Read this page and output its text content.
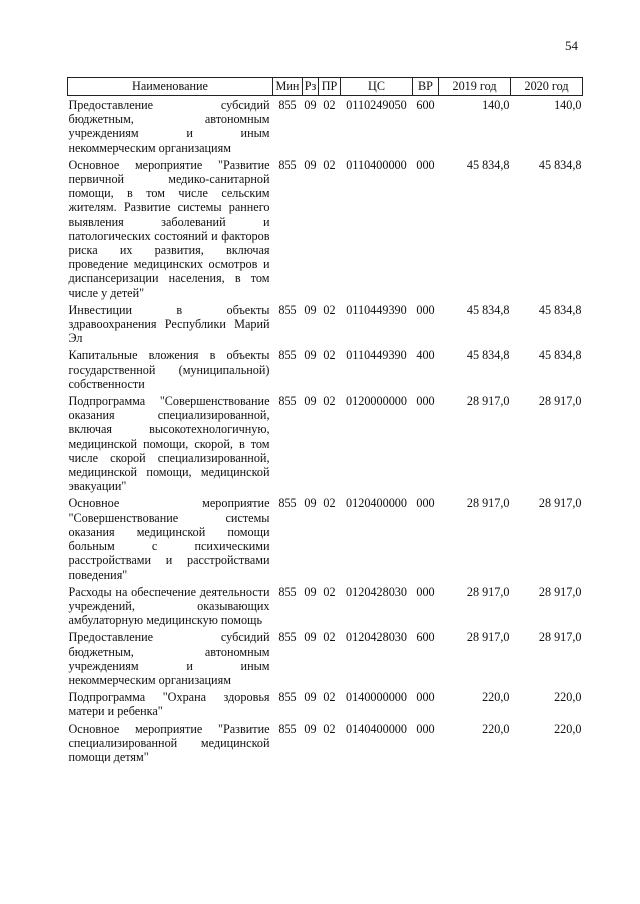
54
Наименование	Мин	Рз	ПР	ЦС	ВР	2019 год	2020 год
Предоставление субсидий бюджетным, автономным учреждениям и иным некоммерческим организациям	855	09	02	0110249050	600	140,0	140,0
Основное мероприятие "Развитие первичной медико-санитарной помощи, в том числе сельским жителям. Развитие системы раннего выявления заболеваний и патологических состояний и факторов риска их развития, включая проведение медицинских осмотров и диспансеризации населения, в том числе у детей"	855	09	02	0110400000	000	45 834,8	45 834,8
Инвестиции в объекты здравоохранения Республики Марий Эл	855	09	02	0110449390	000	45 834,8	45 834,8
Капитальные вложения в объекты государственной (муниципальной) собственности	855	09	02	0110449390	400	45 834,8	45 834,8
Подпрограмма "Совершенствование оказания специализированной, включая высокотехнологичную, медицинской помощи, скорой, в том числе скорой специализированной, медицинской помощи, медицинской эвакуации"	855	09	02	0120000000	000	28 917,0	28 917,0
Основное мероприятие "Совершенствование системы оказания медицинской помощи больным с психическими расстройствами и расстройствами поведения"	855	09	02	0120400000	000	28 917,0	28 917,0
Расходы на обеспечение деятельности учреждений, оказывающих амбулаторную медицинскую помощь	855	09	02	0120428030	000	28 917,0	28 917,0
Предоставление субсидий бюджетным, автономным учреждениям и иным некоммерческим организациям	855	09	02	0120428030	600	28 917,0	28 917,0
Подпрограмма "Охрана здоровья матери и ребенка"	855	09	02	0140000000	000	220,0	220,0
Основное мероприятие "Развитие специализированной медицинской помощи детям"	855	09	02	0140400000	000	220,0	220,0
